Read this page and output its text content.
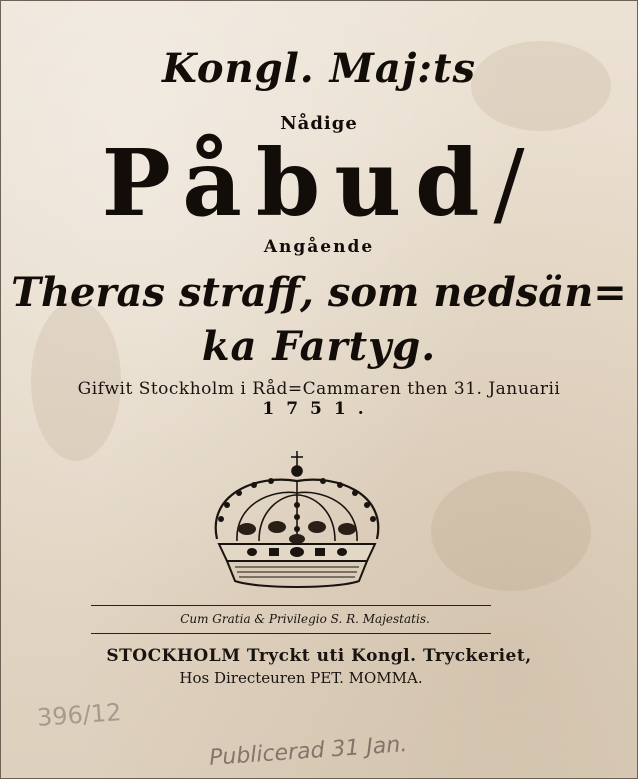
Kongl. Maj:ts
Nådige
Påbud/
Angående
Theras straff, som nedsän=
ka Fartyg.
Gifwit Stockholm i Råd=Cammaren then 31. Januarii
1751.
Cum Gratia & Privilegio S. R. Majestatis.
STOCKHOLM Tryckt uti Kongl. Tryckeriet,
Hos Directeuren PET. MOMMA.
396/12
Publicerad 31 Jan.
